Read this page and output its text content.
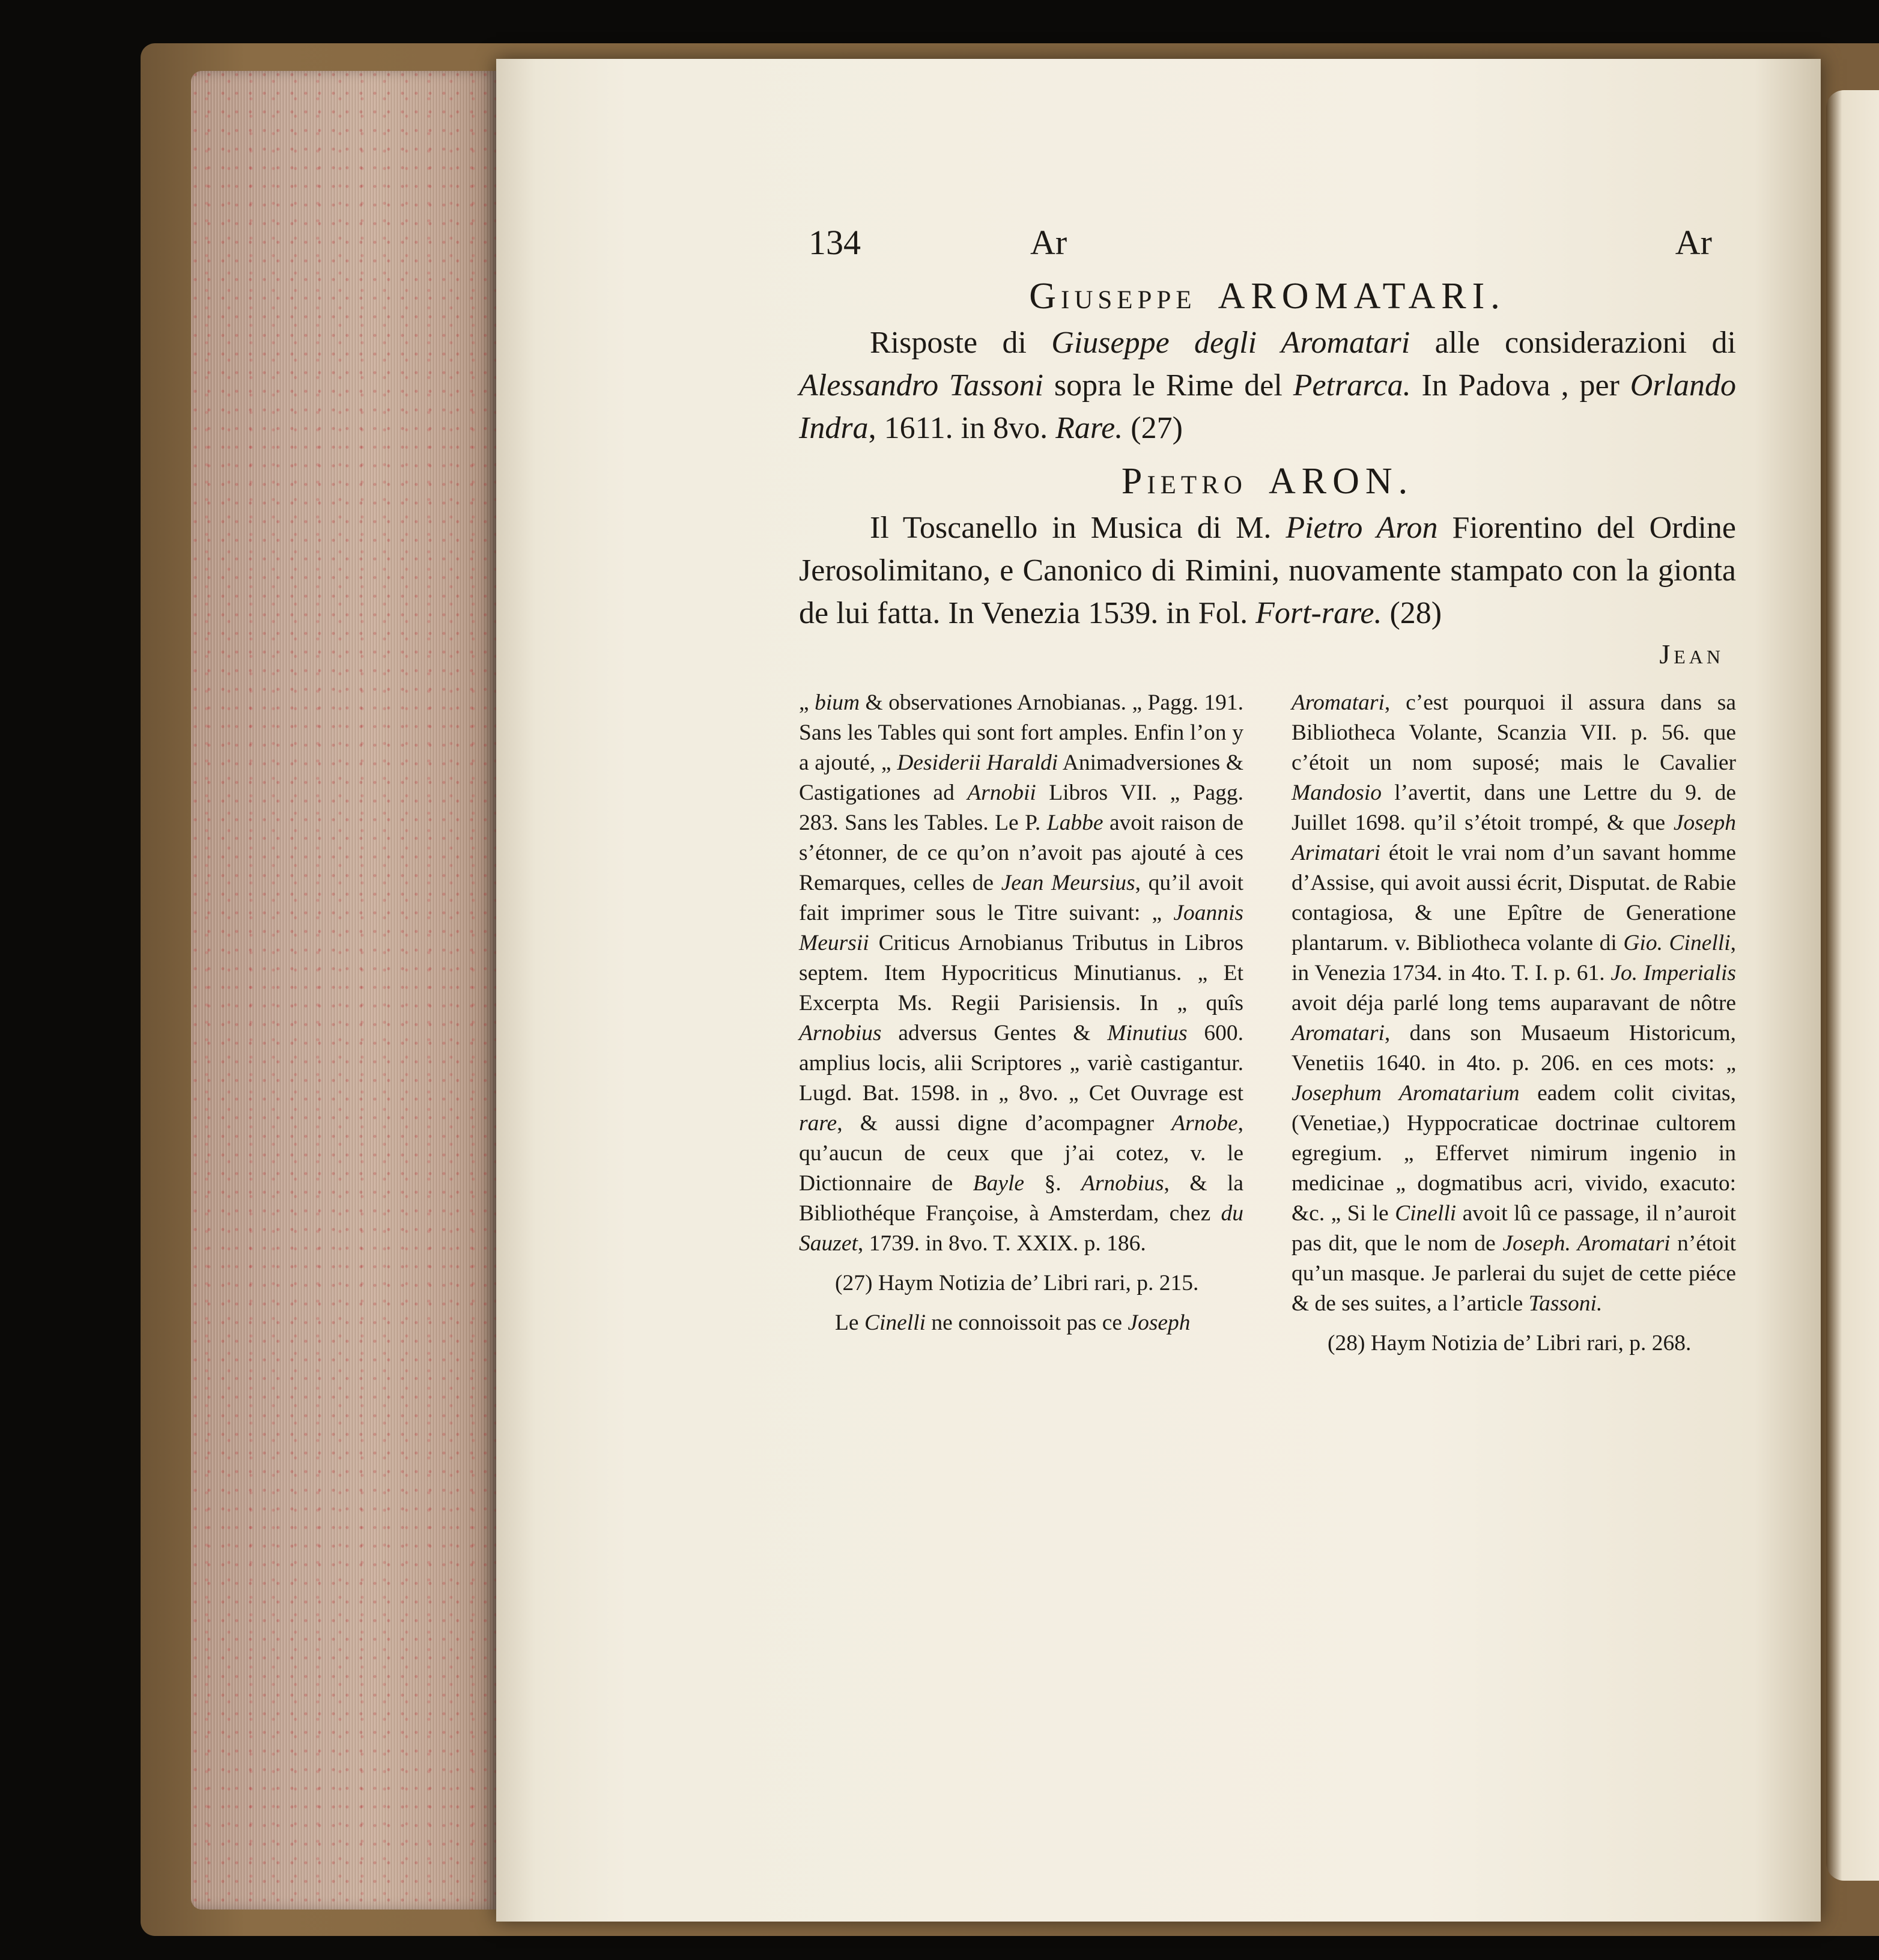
134	Ar	Ar
Giuseppe AROMATARI.

Risposte di Giuseppe degli Aromatari alle considerazioni di Alessandro Tassoni sopra le Rime del Petrarca. In Padova , per Orlando Indra, 1611. in 8vo. Rare. (27)

Pietro ARON.

Il Toscanello in Musica di M. Pietro Aron Fiorentino del Ordine Jerosolimitano, e Canonico di Rimini, nuovamente stampato con la gionta de lui fatta. In Venezia 1539. in Fol. Fort-rare. (28)

Jean

„ bium & observationes Arnobianas. „ Pagg. 191. Sans les Tables qui sont fort amples. Enfin l’on y a ajouté, „ Desiderii Haraldi Animadversiones & Castigationes ad Arnobii Libros VII. „ Pagg. 283. Sans les Tables. Le P. Labbe avoit raison de s’étonner, de ce qu’on n’avoit pas ajouté à ces Remarques, celles de Jean Meursius, qu’il avoit fait imprimer sous le Titre suivant: „ Joannis Meursii Criticus Arnobianus Tributus in Libros septem. Item Hypocriticus Minutianus. „ Et Excerpta Ms. Regii Parisiensis. In „ quîs Arnobius adversus Gentes & Minutius 600. amplius locis, alii Scriptores „ variè castigantur. Lugd. Bat. 1598. in „ 8vo. „ Cet Ouvrage est rare, & aussi digne d’acompagner Arnobe, qu’aucun de ceux que j’ai cotez, v. le Dictionnaire de Bayle §. Arnobius, & la Bibliothéque Françoise, à Amsterdam, chez du Sauzet, 1739. in 8vo. T. XXIX. p. 186.

(27) Haym Notizia de’ Libri rari, p. 215.

Le Cinelli ne connoissoit pas ce Joseph

Aromatari, c’est pourquoi il assura dans sa Bibliotheca Volante, Scanzia VII. p. 56. que c’étoit un nom suposé; mais le Cavalier Mandosio l’avertit, dans une Lettre du 9. de Juillet 1698. qu’il s’étoit trompé, & que Joseph Arimatari étoit le vrai nom d’un savant homme d’Assise, qui avoit aussi écrit, Disputat. de Rabie contagiosa, & une Epître de Generatione plantarum. v. Bibliotheca volante di Gio. Cinelli, in Venezia 1734. in 4to. T. I. p. 61. Jo. Imperialis avoit déja parlé long tems auparavant de nôtre Aromatari, dans son Musaeum Historicum, Venetiis 1640. in 4to. p. 206. en ces mots: „ Josephum Aromatarium eadem colit civitas, (Venetiae,) Hyppocraticae doctrinae cultorem egregium. „ Effervet nimirum ingenio in medicinae „ dogmatibus acri, vivido, exacuto: &c. „ Si le Cinelli avoit lû ce passage, il n’auroit pas dit, que le nom de Joseph. Aromatari n’étoit qu’un masque. Je parlerai du sujet de cette piéce & de ses suites, a l’article Tassoni.

(28) Haym Notizia de’ Libri rari, p. 268.
